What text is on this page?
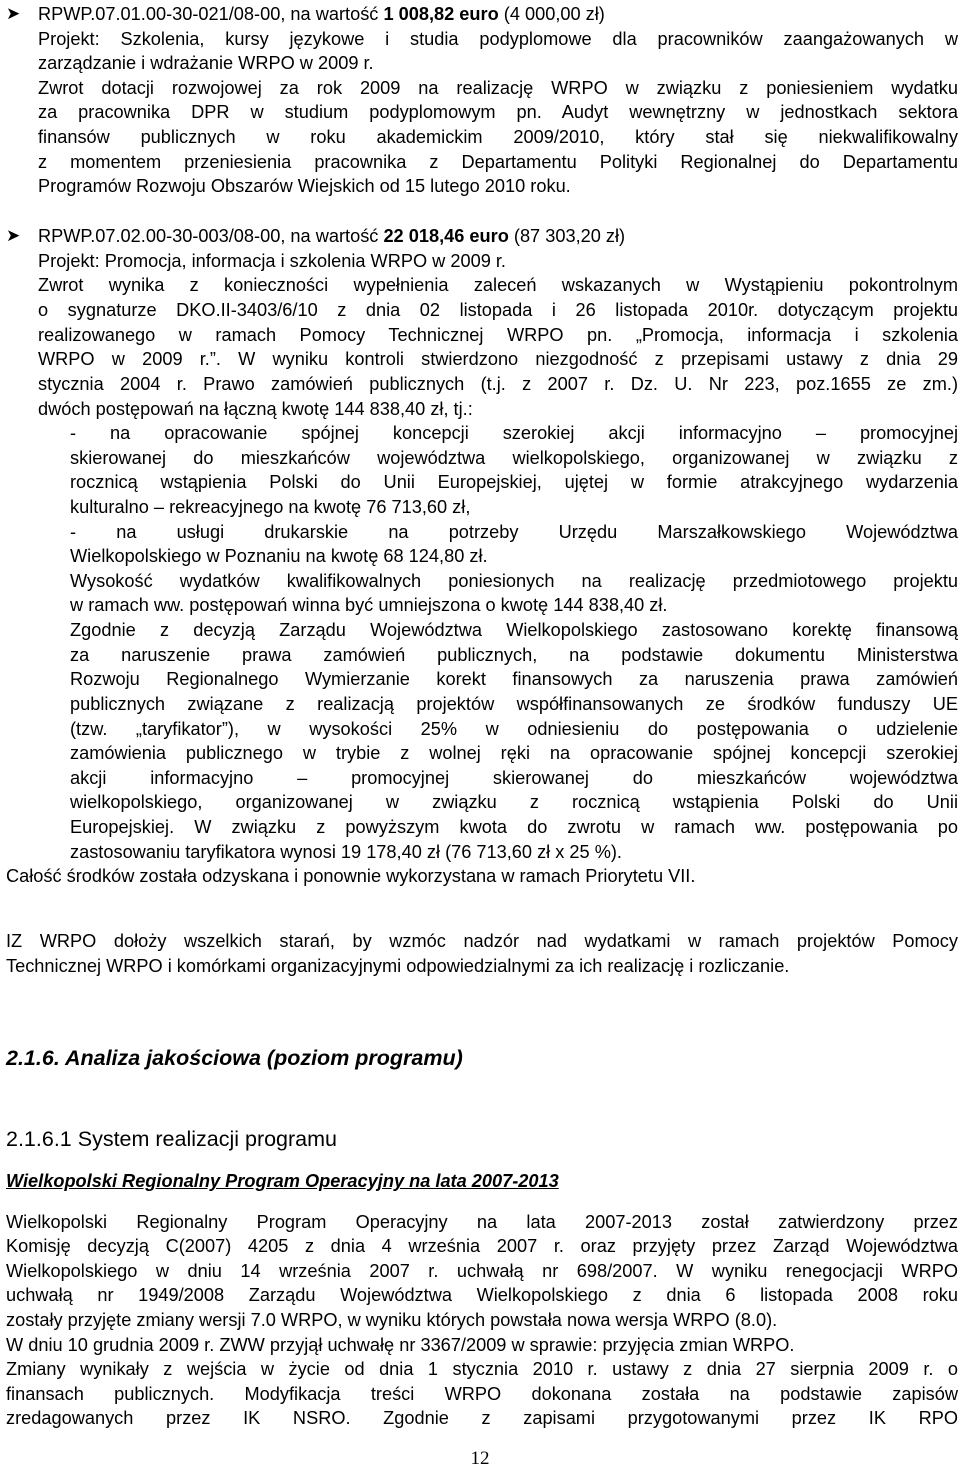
➤ RPWP.07.01.00-30-021/08-00, na wartość 1 008,82 euro (4 000,00 zł)
Projekt: Szkolenia, kursy językowe i studia podyplomowe dla pracowników zaangażowanych w
zarządzanie i wdrażanie WRPO w 2009 r.
Zwrot dotacji rozwojowej za rok 2009 na realizację WRPO w związku z poniesieniem wydatku
za pracownika DPR w studium podyplomowym pn. Audyt wewnętrzny w jednostkach sektora
finansów publicznych w roku akademickim 2009/2010, który stał się niekwalifikowalny
z momentem przeniesienia pracownika z Departamentu Polityki Regionalnej do Departamentu
Programów Rozwoju Obszarów Wiejskich od 15 lutego 2010 roku.
➤ RPWP.07.02.00-30-003/08-00, na wartość 22 018,46 euro (87 303,20 zł)
Projekt: Promocja, informacja i szkolenia WRPO w 2009 r.
Zwrot wynika z konieczności wypełnienia zaleceń wskazanych w Wystąpieniu pokontrolnym
o sygnaturze DKO.II-3403/6/10 z dnia 02 listopada i 26 listopada 2010r. dotyczącym projektu
realizowanego w ramach Pomocy Technicznej WRPO pn. „Promocja, informacja i szkolenia
WRPO w 2009 r.”. W wyniku kontroli stwierdzono niezgodność z przepisami ustawy z dnia 29
stycznia 2004 r. Prawo zamówień publicznych (t.j. z 2007 r. Dz. U. Nr 223, poz.1655 ze zm.)
dwóch postępowań na łączną kwotę 144 838,40 zł, tj.:
- na opracowanie spójnej koncepcji szerokiej akcji informacyjno – promocyjnej
skierowanej do mieszkańców województwa wielkopolskiego, organizowanej w związku z
rocznicą wstąpienia Polski do Unii Europejskiej, ujętej w formie atrakcyjnego wydarzenia
kulturalno – rekreacyjnego na kwotę 76 713,60 zł,
- na usługi drukarskie na potrzeby Urzędu Marszałkowskiego Województwa
Wielkopolskiego w Poznaniu na kwotę 68 124,80 zł.
Wysokość wydatków kwalifikowalnych poniesionych na realizację przedmiotowego projektu
w ramach ww. postępowań winna być umniejszona o kwotę 144 838,40 zł.
Zgodnie z decyzją Zarządu Województwa Wielkopolskiego zastosowano korektę finansową
za naruszenie prawa zamówień publicznych, na podstawie dokumentu Ministerstwa
Rozwoju Regionalnego Wymierzanie korekt finansowych za naruszenia prawa zamówień
publicznych związane z realizacją projektów współfinansowanych ze środków funduszy UE
(tzw. „taryfikator”), w wysokości 25% w odniesieniu do postępowania o udzielenie
zamówienia publicznego w trybie z wolnej ręki na opracowanie spójnej koncepcji szerokiej
akcji informacyjno – promocyjnej skierowanej do mieszkańców województwa
wielkopolskiego, organizowanej w związku z rocznicą wstąpienia Polski do Unii
Europejskiej. W związku z powyższym kwota do zwrotu w ramach ww. postępowania po
zastosowaniu taryfikatora wynosi 19 178,40 zł (76 713,60 zł x 25 %).
Całość środków została odzyskana i ponownie wykorzystana w ramach Priorytetu VII.
IZ WRPO dołoży wszelkich starań, by wzmóc nadzór nad wydatkami w ramach projektów Pomocy
Technicznej WRPO i komórkami organizacyjnymi odpowiedzialnymi za ich realizację i rozliczanie.
2.1.6. Analiza jakościowa (poziom programu)
2.1.6.1 System realizacji programu
Wielkopolski Regionalny Program Operacyjny na lata 2007-2013
Wielkopolski Regionalny Program Operacyjny na lata 2007-2013 został zatwierdzony przez
Komisję decyzją C(2007) 4205 z dnia 4 września 2007 r. oraz przyjęty przez Zarząd Województwa
Wielkopolskiego w dniu 14 września 2007 r. uchwałą nr 698/2007. W wyniku renegocjacji WRPO
uchwałą nr 1949/2008 Zarządu Województwa Wielkopolskiego z dnia 6 listopada 2008 roku
zostały przyjęte zmiany wersji 7.0 WRPO, w wyniku których powstała nowa wersja WRPO (8.0).
W dniu 10 grudnia 2009 r. ZWW przyjął uchwałę nr 3367/2009 w sprawie: przyjęcia zmian WRPO.
Zmiany wynikały z wejścia w życie od dnia 1 stycznia 2010 r. ustawy z dnia 27 sierpnia 2009 r. o
finansach publicznych. Modyfikacja treści WRPO dokonana została na podstawie zapisów
zredagowanych przez IK NSRO. Zgodnie z zapisami przygotowanymi przez IK RPO
12
